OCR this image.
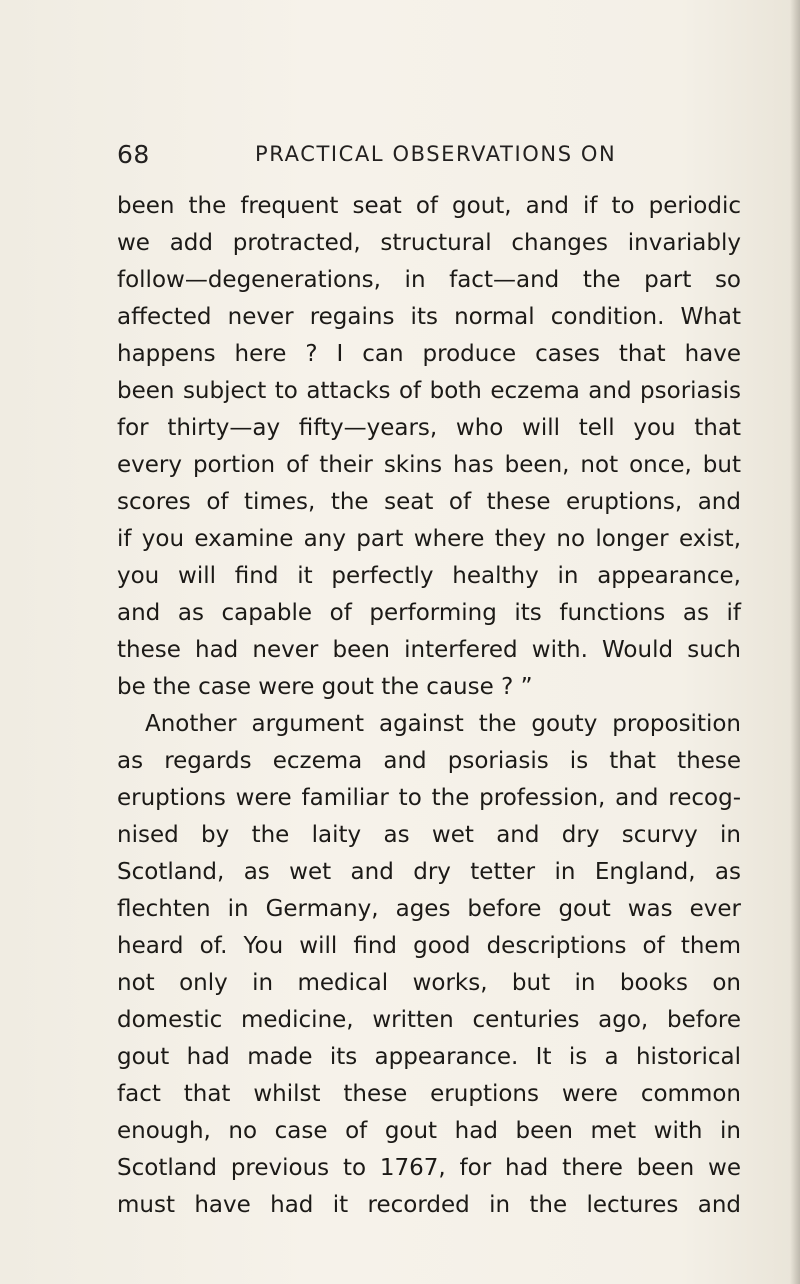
68	PRACTICAL OBSERVATIONS ON
been the frequent seat of gout, and if to periodic
we add protracted, structural changes invariably
follow—degenerations, in fact—and the part so
affected never regains its normal condition. What
happens here ? I can produce cases that have
been subject to attacks of both eczema and psoriasis
for thirty—ay fifty—years, who will tell you that
every portion of their skins has been, not once, but
scores of times, the seat of these eruptions, and
if you examine any part where they no longer exist,
you will find it perfectly healthy in appearance,
and as capable of performing its functions as if
these had never been interfered with. Would such
be the case were gout the cause ? ”
Another argument against the gouty proposition
as regards eczema and psoriasis is that these
eruptions were familiar to the profession, and recog-
nised by the laity as wet and dry scurvy in
Scotland, as wet and dry tetter in England, as
flechten in Germany, ages before gout was ever
heard of. You will find good descriptions of them
not only in medical works, but in books on
domestic medicine, written centuries ago, before
gout had made its appearance. It is a historical
fact that whilst these eruptions were common
enough, no case of gout had been met with in
Scotland previous to 1767, for had there been we
must have had it recorded in the lectures and
